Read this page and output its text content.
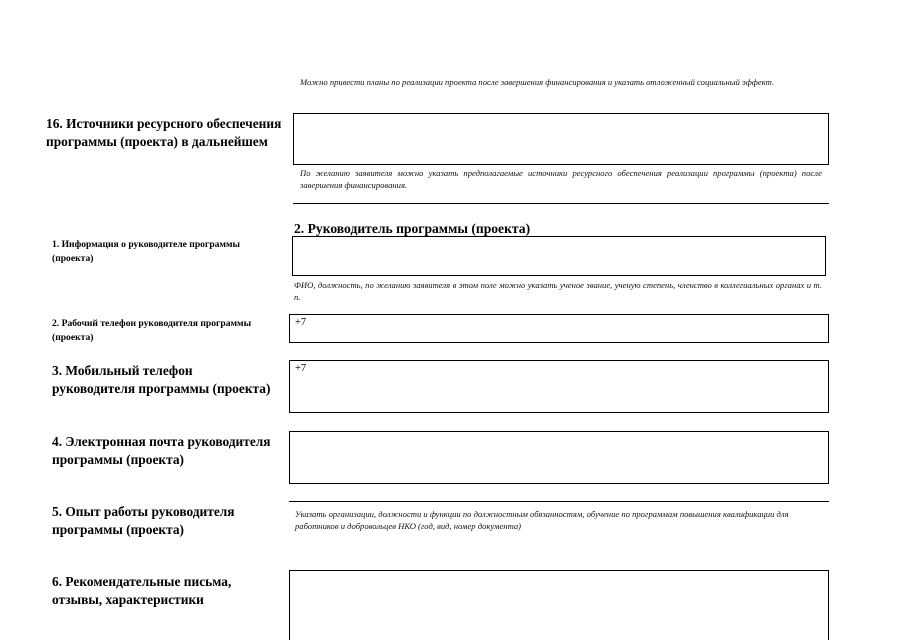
Можно привести планы по реализации проекта после завершения финансирования и указать отложенный социальный эффект.
16. Источники ресурсного обеспечения программы (проекта) в дальнейшем
По желанию заявителя можно указать предполагаемые источники ресурсного обеспечения реализации программы (проекта) после завершения финансирования.
2. Руководитель программы (проекта)
1. Информация о руководителе программы (проекта)
ФИО, должность, по желанию заявителя в этом поле можно указать ученое звание, ученую степень, членство в коллегиальных органах и т. п.
2. Рабочий телефон руководителя программы (проекта)
+7
3. Мобильный телефон руководителя программы (проекта)
+7
4. Электронная почта руководителя программы (проекта)
5. Опыт работы руководителя программы (проекта)
Указать организации, должности и функции по должностным обязанностям, обучение по программам повышения квалификации для работников и добровольцев НКО (год, вид, номер документа)
6. Рекомендательные письма, отзывы, характеристики
